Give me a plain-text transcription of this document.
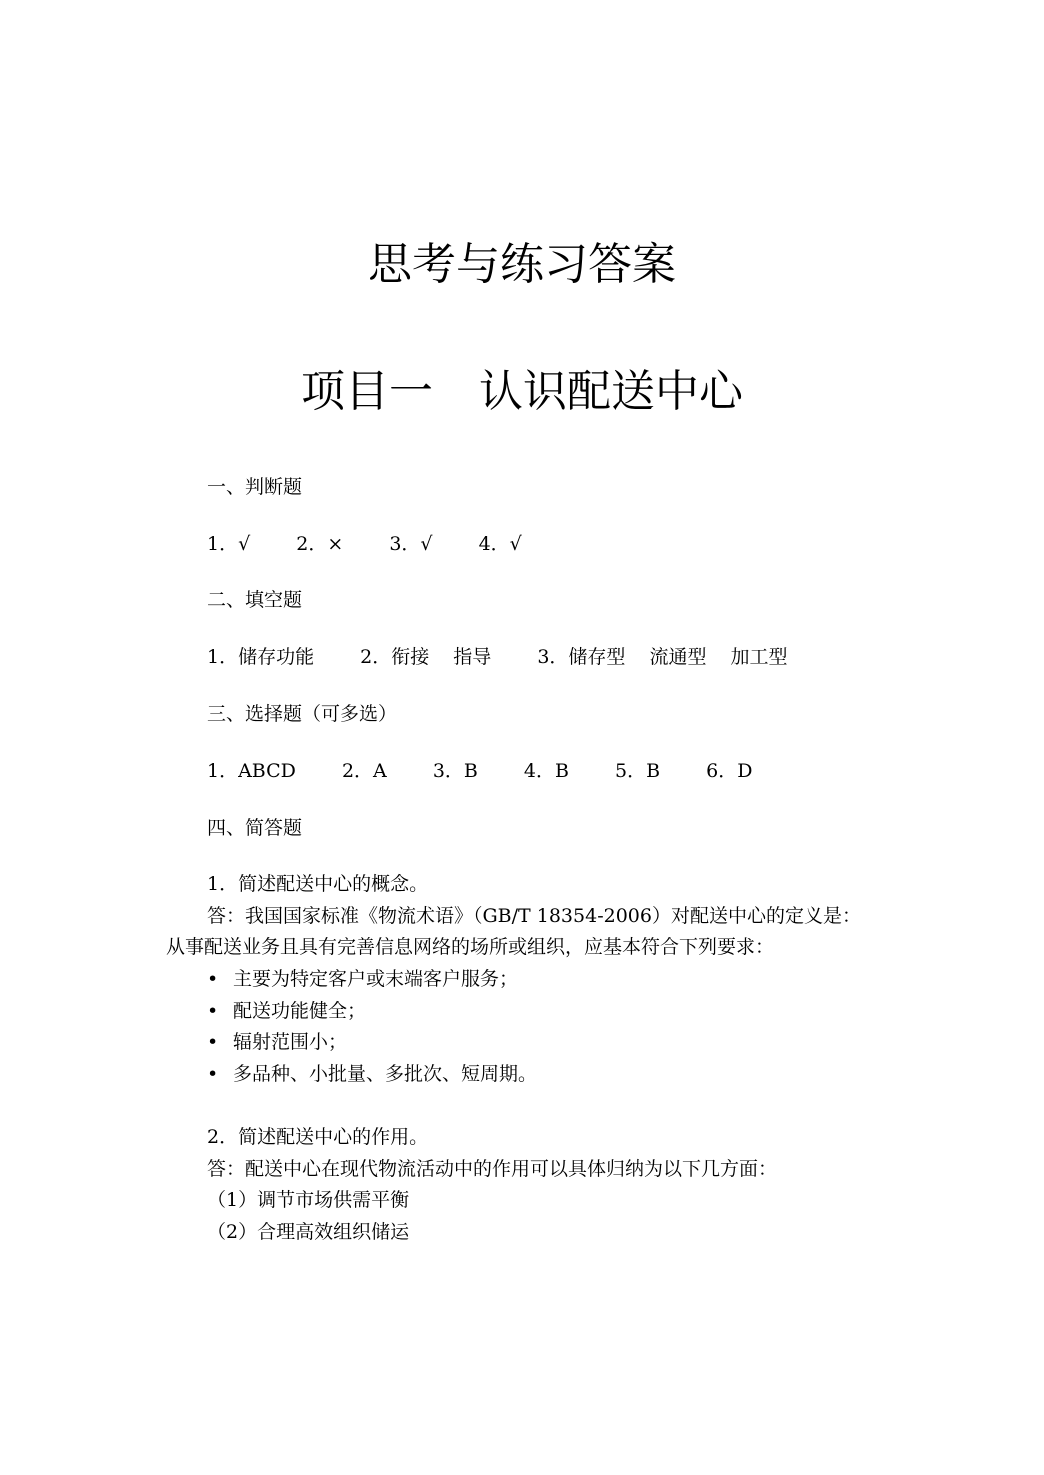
思考与练习答案
项目一 认识配送中心
一、判断题
1．√ 2．× 3．√ 4．√
二、填空题
1．储存功能 2．衔接 指导 3．储存型 流通型 加工型
三、选择题（可多选）
1．ABCD 2．A 3．B 4．B 5．B 6．D
四、简答题
1．简述配送中心的概念。
答：我国国家标准《物流术语》（GB/T 18354-2006）对配送中心的定义是：
从事配送业务且具有完善信息网络的场所或组织，应基本符合下列要求：
• 主要为特定客户或末端客户服务；
• 配送功能健全；
• 辐射范围小；
• 多品种、小批量、多批次、短周期。
2．简述配送中心的作用。
答：配送中心在现代物流活动中的作用可以具体归纳为以下几方面：
（1）调节市场供需平衡
（2）合理高效组织储运
